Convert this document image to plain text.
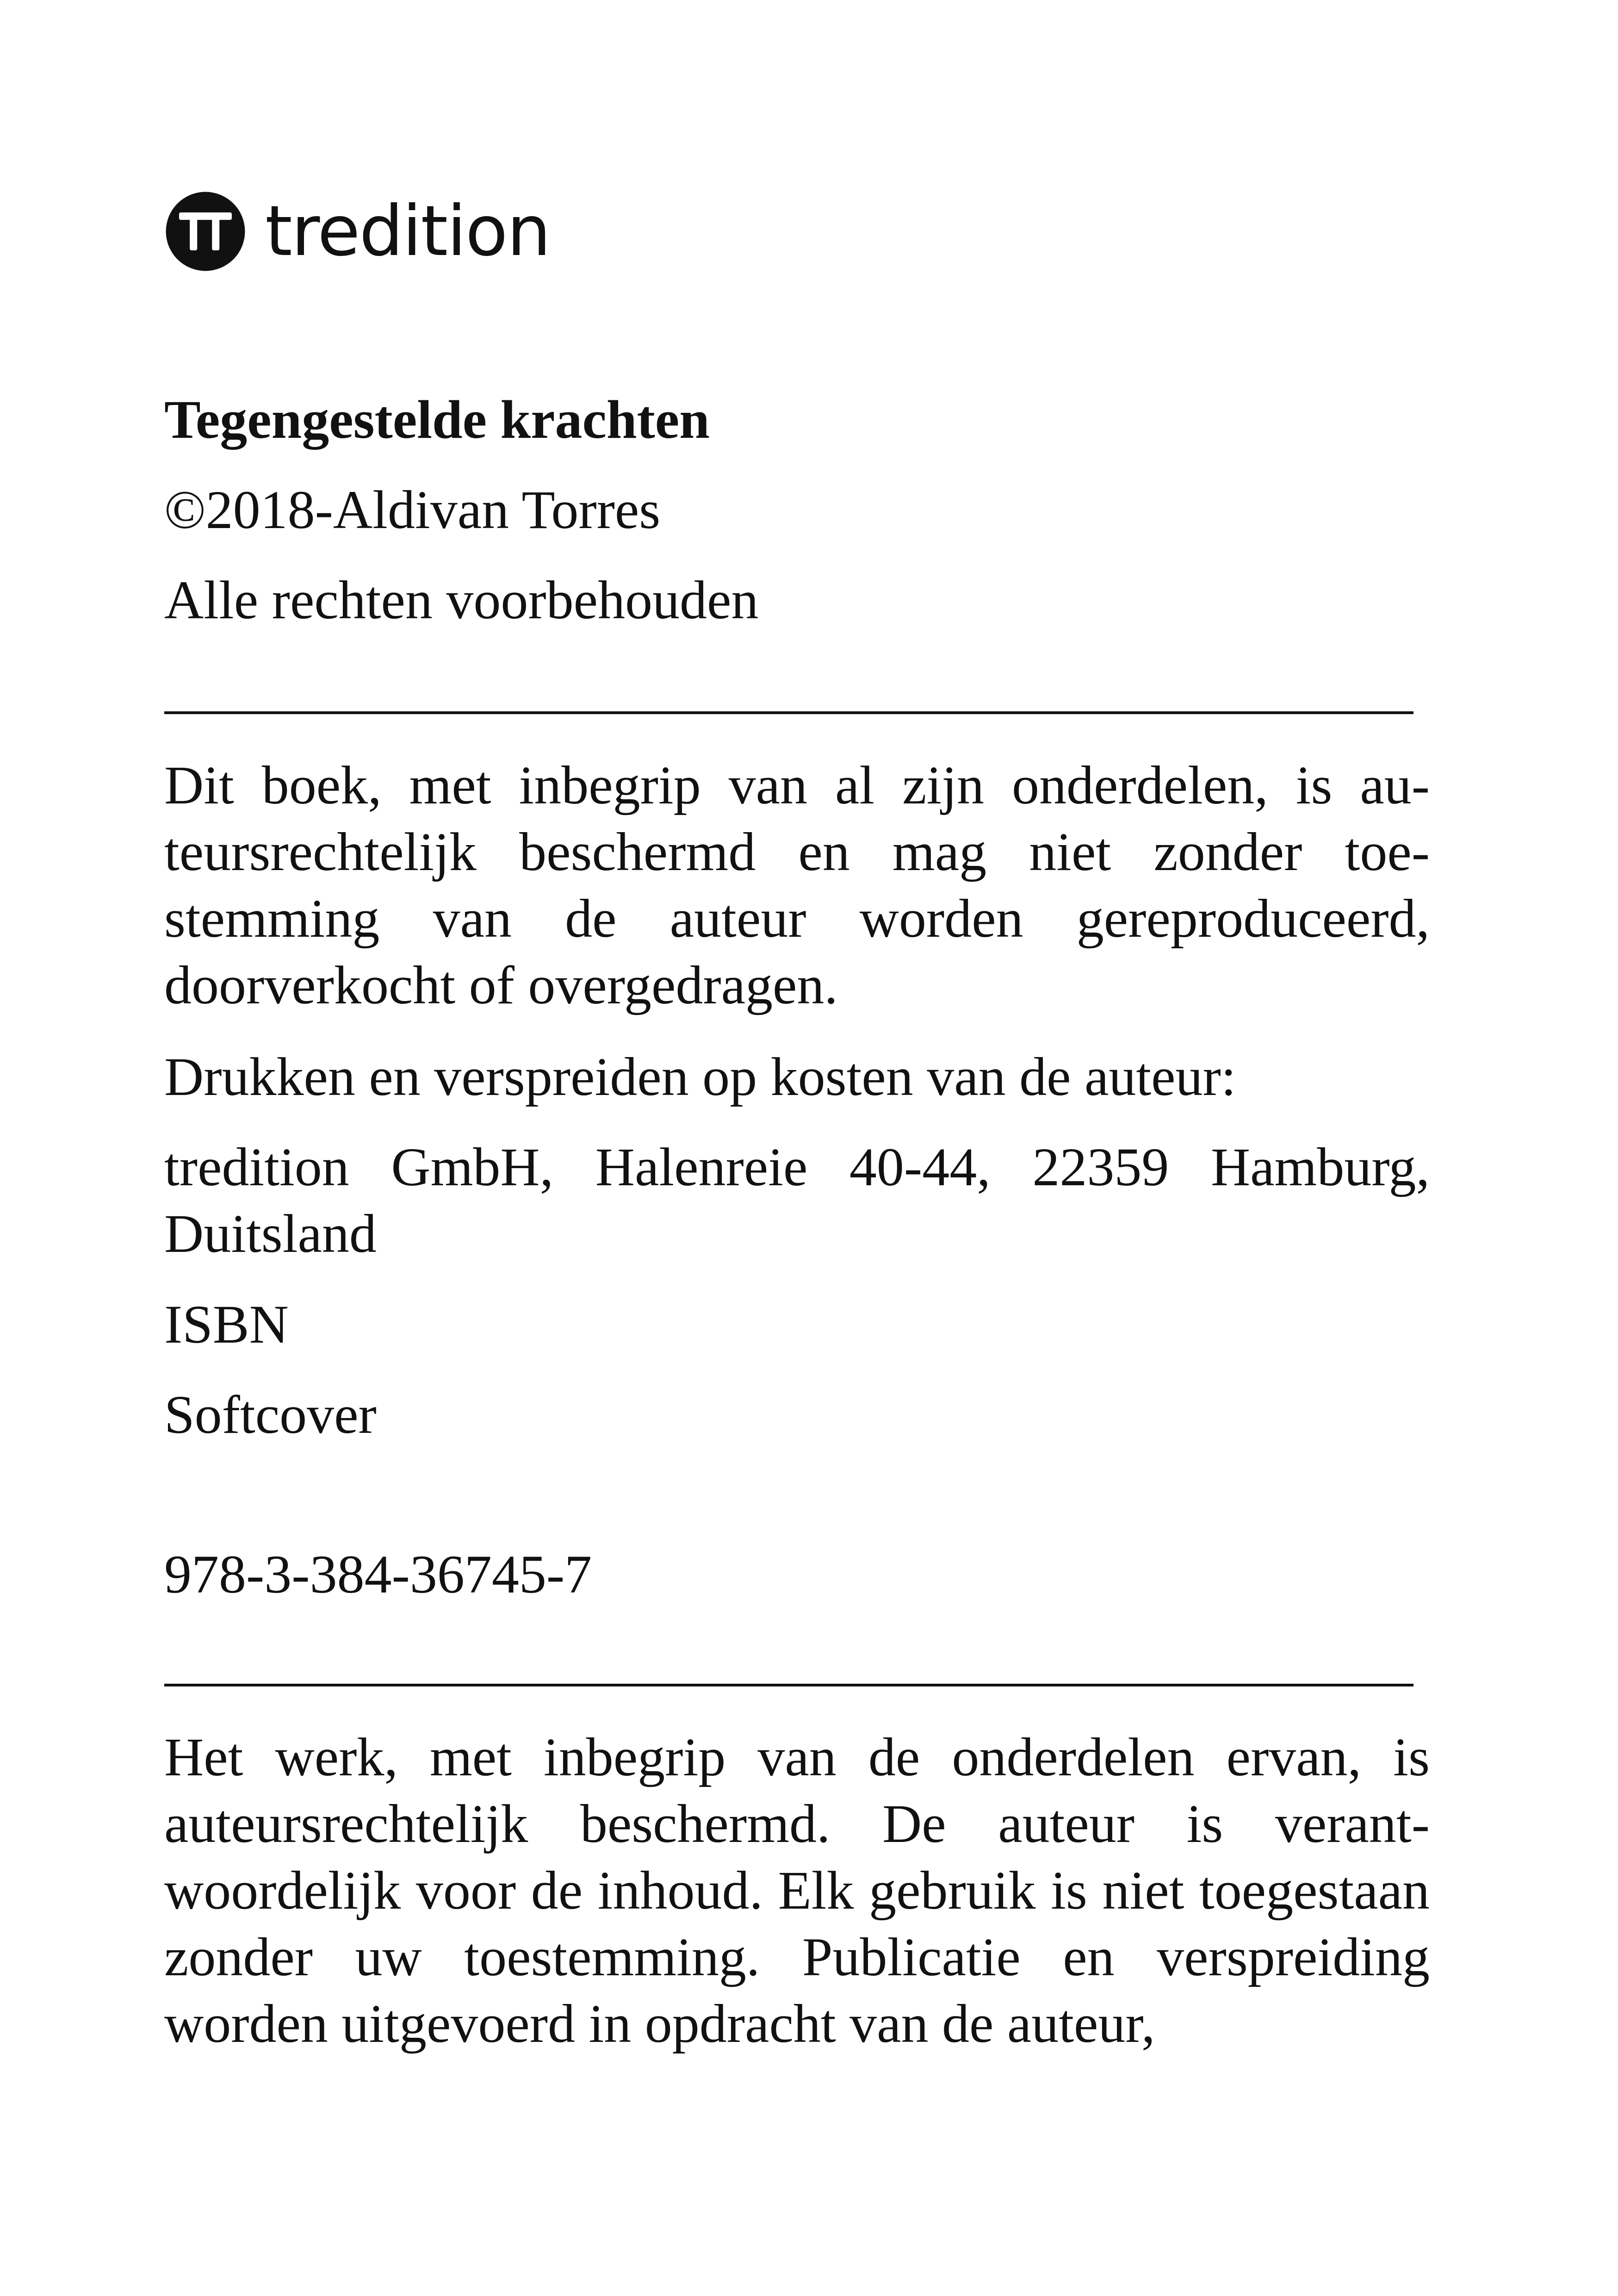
tredition

Tegengestelde krachten

©2018-Aldivan Torres

Alle rechten voorbehouden

Dit boek, met inbegrip van al zijn onderdelen, is auteursrechtelijk beschermd en mag niet zonder toestemming van de auteur worden gereproduceerd, doorverkocht of overgedragen.

Drukken en verspreiden op kosten van de auteur:

tredition GmbH, Halenreie 40-44, 22359 Hamburg, Duitsland

ISBN

Softcover

978-3-384-36745-7

Het werk, met inbegrip van de onderdelen ervan, is auteursrechtelijk beschermd. De auteur is verantwoordelijk voor de inhoud. Elk gebruik is niet toegestaan zonder uw toestemming. Publicatie en verspreiding worden uitgevoerd in opdracht van de auteur,
